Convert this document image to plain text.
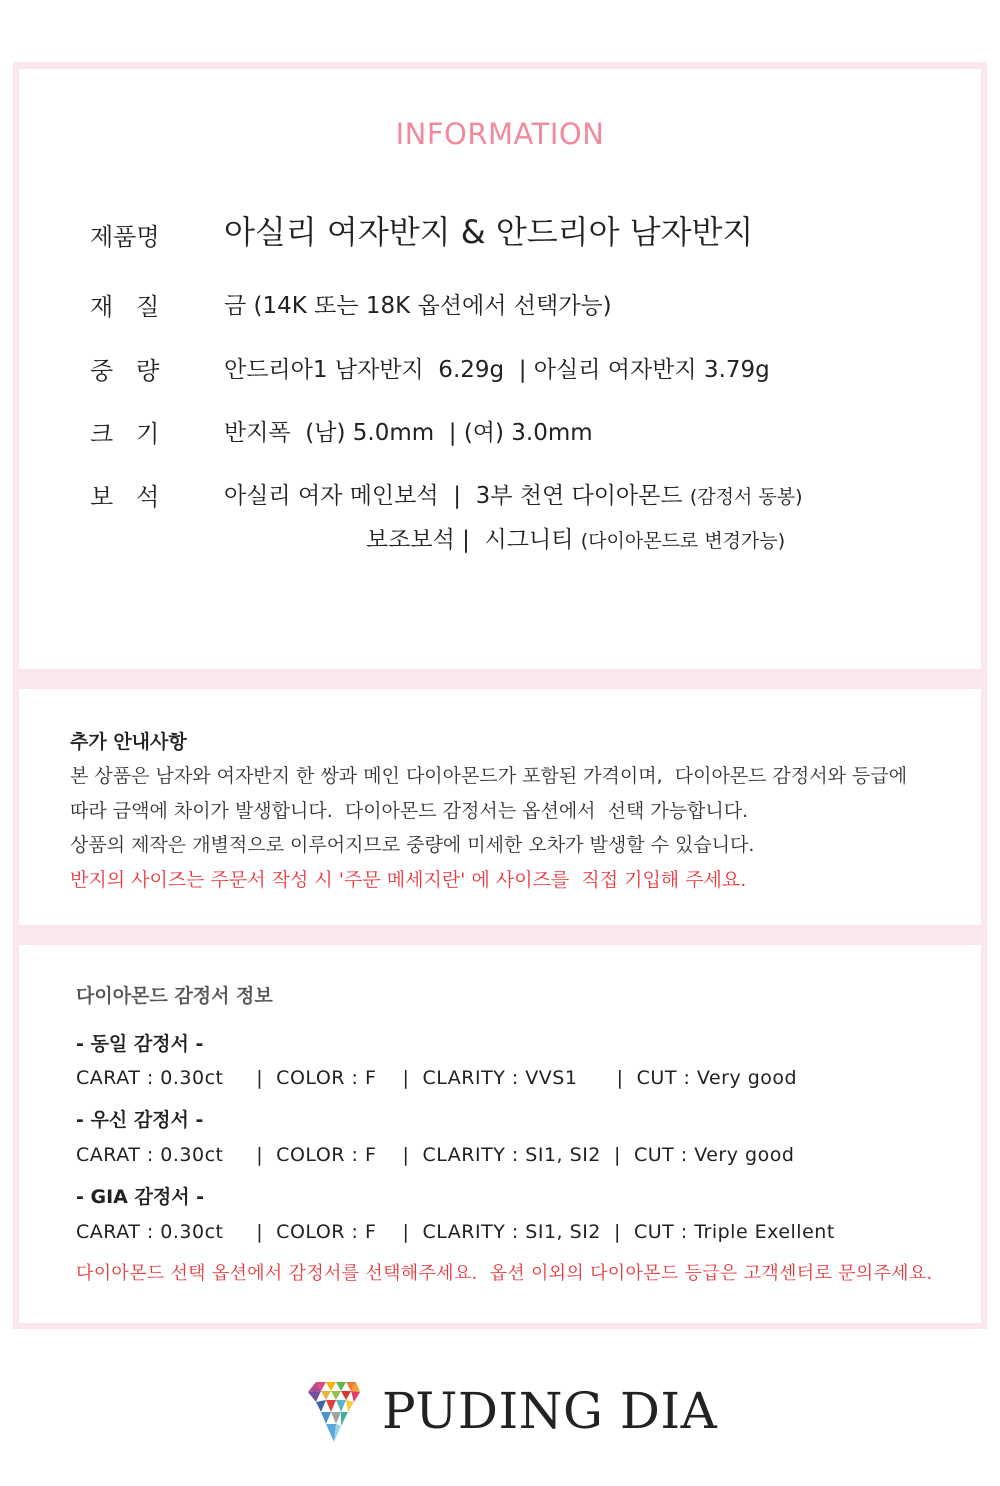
INFORMATION
제품명 아실리 여자반지 & 안드리아 남자반지
재   질	금 (14K 또는 18K 옵션에서 선택가능)
중   량	안드리아1 남자반지  6.29g  | 아실리 여자반지 3.79g
크   기	반지폭  (남) 5.0mm  | (여) 3.0mm
보   석	아실리 여자 메인보석  |  3부 천연 다이아몬드 (감정서 동봉)
보조보석 |  시그니티 (다이아몬드로 변경가능)
추가 안내사항
본 상품은 남자와 여자반지 한 쌍과 메인 다이아몬드가 포함된 가격이며,  다이아몬드 감정서와 등급에
따라 금액에 차이가 발생합니다.  다이아몬드 감정서는 옵션에서  선택 가능합니다.
상품의 제작은 개별적으로 이루어지므로 중량에 미세한 오차가 발생할 수 있습니다.
반지의 사이즈는 주문서 작성 시 '주문 메세지란' 에 사이즈를  직접 기입해 주세요.
다이아몬드 감정서 정보
- 동일 감정서 -
CARAT : 0.30ct     |  COLOR : F    |  CLARITY : VVS1      |  CUT : Very good
- 우신 감정서 -
CARAT : 0.30ct     |  COLOR : F    |  CLARITY : SI1, SI2  |  CUT : Very good
- GIA 감정서 -
CARAT : 0.30ct     |  COLOR : F    |  CLARITY : SI1, SI2  |  CUT : Triple Exellent
다이아몬드 선택 옵션에서 감정서를 선택해주세요.  옵션 이외의 다이아몬드 등급은 고객센터로 문의주세요.
PUDING DIA
